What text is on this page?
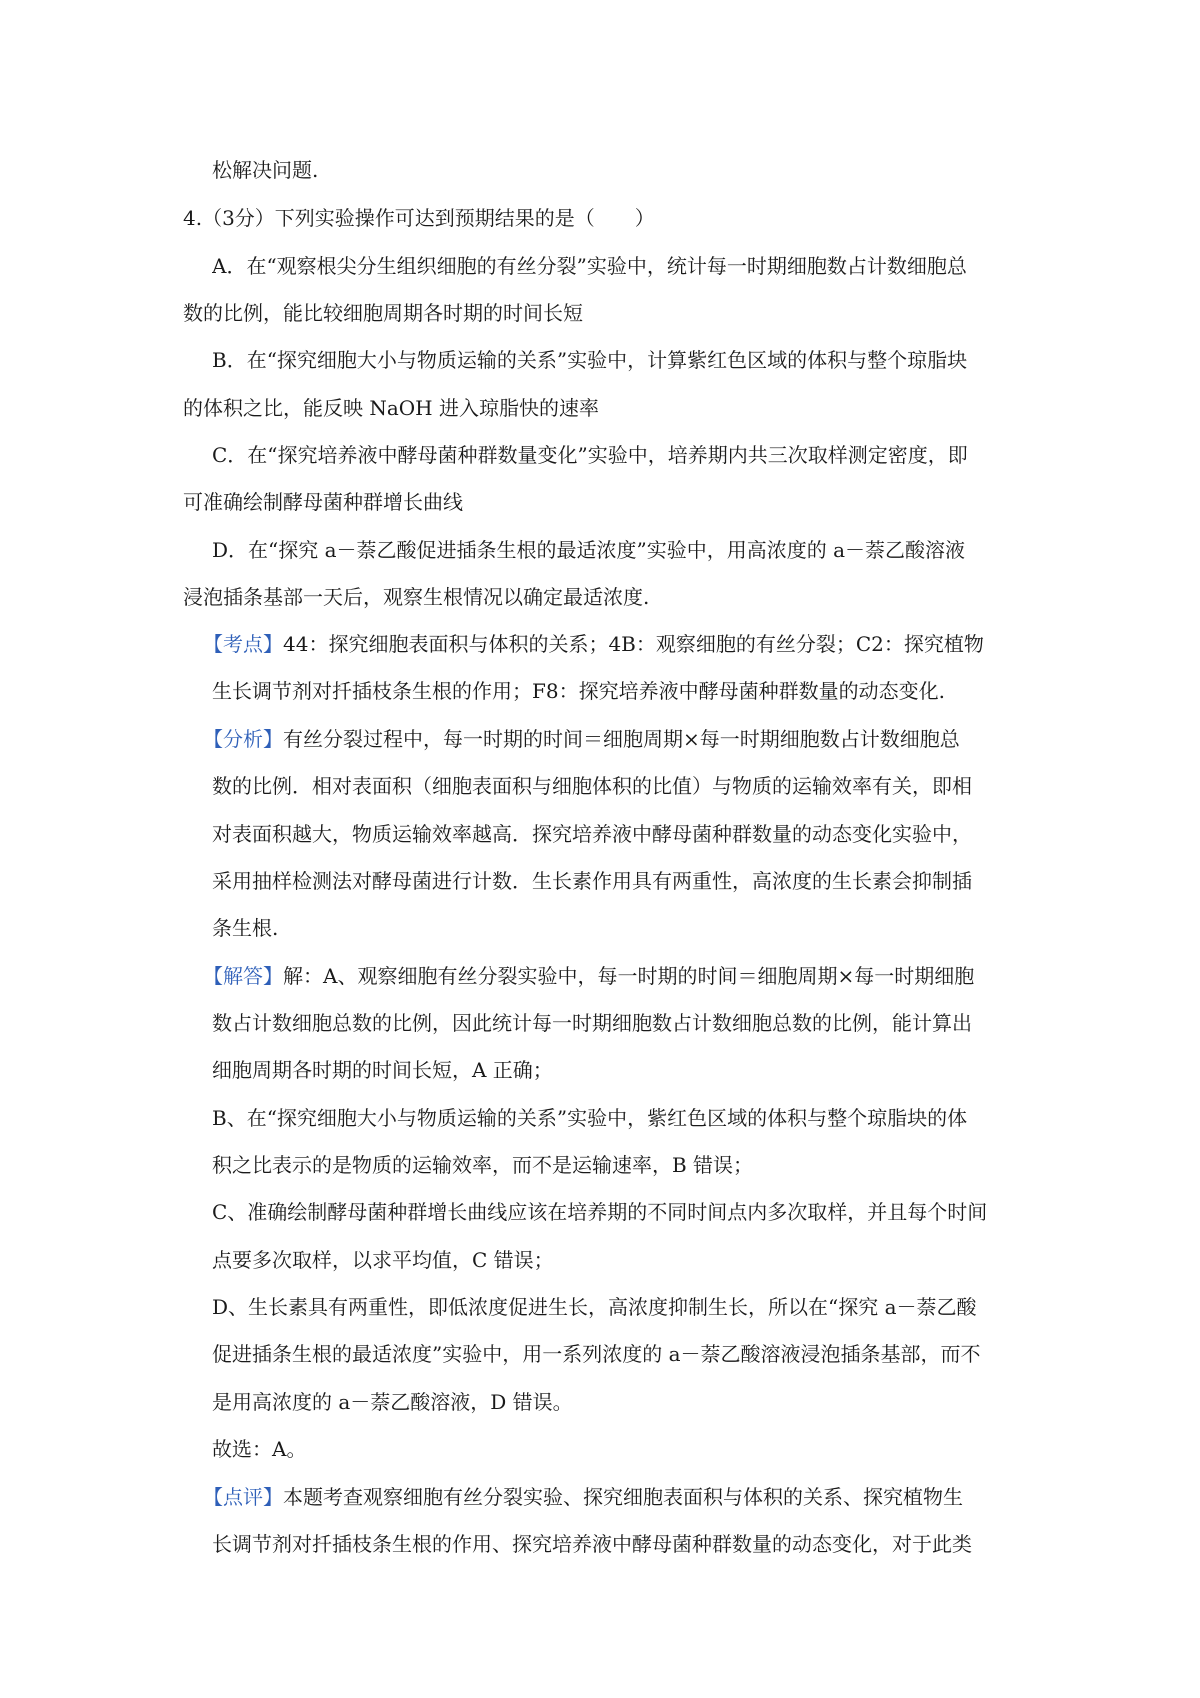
松解决问题.
4.（3分）下列实验操作可达到预期结果的是（　　）
A．在“观察根尖分生组织细胞的有丝分裂”实验中，统计每一时期细胞数占计数细胞总
数的比例，能比较细胞周期各时期的时间长短
B．在“探究细胞大小与物质运输的关系”实验中，计算紫红色区域的体积与整个琼脂块
的体积之比，能反映 NaOH 进入琼脂快的速率
C．在“探究培养液中酵母菌种群数量变化”实验中，培养期内共三次取样测定密度，即
可准确绘制酵母菌种群增长曲线
D．在“探究 a－萘乙酸促进插条生根的最适浓度”实验中，用高浓度的 a－萘乙酸溶液
浸泡插条基部一天后，观察生根情况以确定最适浓度.
【考点】44：探究细胞表面积与体积的关系；4B：观察细胞的有丝分裂；C2：探究植物
生长调节剂对扦插枝条生根的作用；F8：探究培养液中酵母菌种群数量的动态变化.
【分析】有丝分裂过程中，每一时期的时间＝细胞周期×每一时期细胞数占计数细胞总
数的比例．相对表面积（细胞表面积与细胞体积的比值）与物质的运输效率有关，即相
对表面积越大，物质运输效率越高．探究培养液中酵母菌种群数量的动态变化实验中，
采用抽样检测法对酵母菌进行计数．生长素作用具有两重性，高浓度的生长素会抑制插
条生根.
【解答】解：A、观察细胞有丝分裂实验中，每一时期的时间＝细胞周期×每一时期细胞
数占计数细胞总数的比例，因此统计每一时期细胞数占计数细胞总数的比例，能计算出
细胞周期各时期的时间长短，A 正确；
B、在“探究细胞大小与物质运输的关系”实验中，紫红色区域的体积与整个琼脂块的体
积之比表示的是物质的运输效率，而不是运输速率，B 错误；
C、准确绘制酵母菌种群增长曲线应该在培养期的不同时间点内多次取样，并且每个时间
点要多次取样，以求平均值，C 错误；
D、生长素具有两重性，即低浓度促进生长，高浓度抑制生长，所以在“探究 a－萘乙酸
促进插条生根的最适浓度”实验中，用一系列浓度的 a－萘乙酸溶液浸泡插条基部，而不
是用高浓度的 a－萘乙酸溶液，D 错误。
故选：A。
【点评】本题考查观察细胞有丝分裂实验、探究细胞表面积与体积的关系、探究植物生
长调节剂对扦插枝条生根的作用、探究培养液中酵母菌种群数量的动态变化，对于此类
